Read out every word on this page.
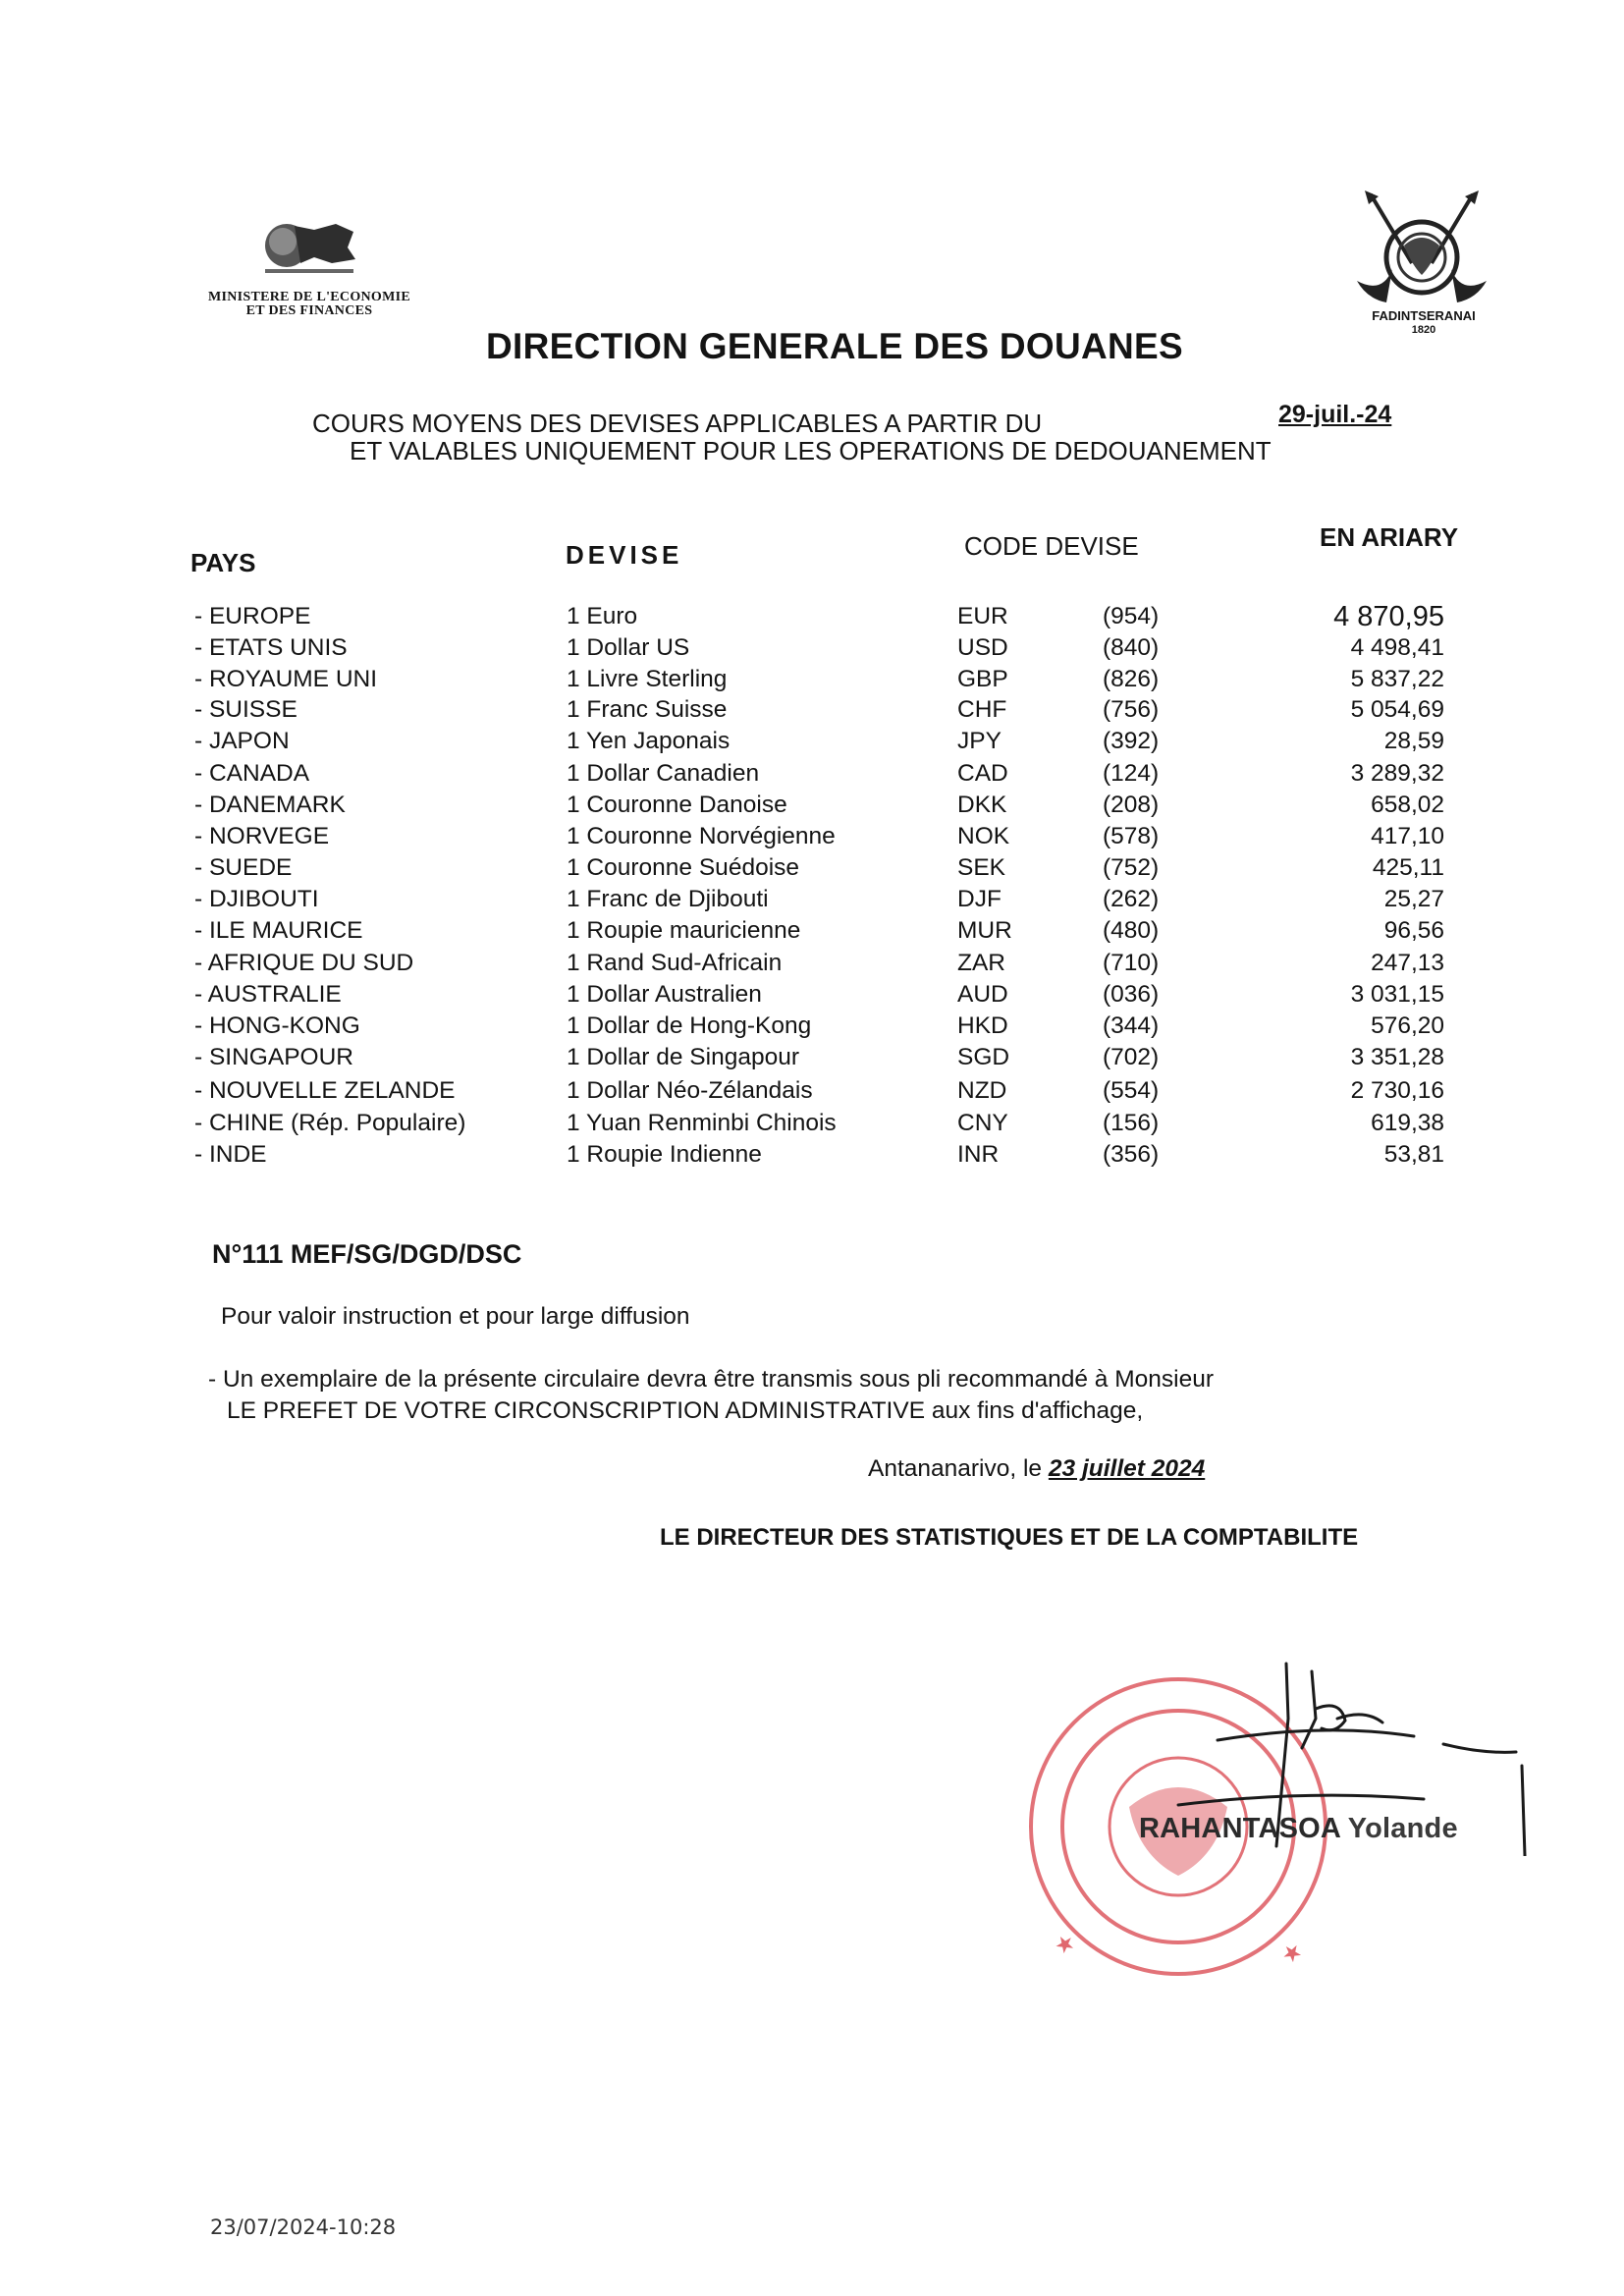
MINISTERE DE L'ECONOMIE
ET DES FINANCES	FADINTSERANAI
1820
DIRECTION GENERALE DES DOUANES
COURS MOYENS DES DEVISES APPLICABLES A PARTIR DU	29-juil.-24
ET VALABLES UNIQUEMENT POUR LES OPERATIONS DE DEDOUANEMENT
PAYS	DEVISE	CODE DEVISE	EN ARIARY
- EUROPE	1 Euro	EUR	(954)	4 870,95
- ETATS UNIS	1 Dollar US	USD	(840)	4 498,41
- ROYAUME UNI	1 Livre Sterling	GBP	(826)	5 837,22
- SUISSE	1 Franc Suisse	CHF	(756)	5 054,69
- JAPON	1 Yen Japonais	JPY	(392)	28,59
- CANADA	1 Dollar Canadien	CAD	(124)	3 289,32
- DANEMARK	1 Couronne Danoise	DKK	(208)	658,02
- NORVEGE	1 Couronne Norvégienne	NOK	(578)	417,10
- SUEDE	1 Couronne Suédoise	SEK	(752)	425,11
- DJIBOUTI	1 Franc de Djibouti	DJF	(262)	25,27
- ILE MAURICE	1 Roupie mauricienne	MUR	(480)	96,56
- AFRIQUE DU SUD	1 Rand Sud-Africain	ZAR	(710)	247,13
- AUSTRALIE	1 Dollar Australien	AUD	(036)	3 031,15
- HONG-KONG	1 Dollar de Hong-Kong	HKD	(344)	576,20
- SINGAPOUR	1 Dollar de Singapour	SGD	(702)	3 351,28
- NOUVELLE ZELANDE	1 Dollar Néo-Zélandais	NZD	(554)	2 730,16
- CHINE (Rép. Populaire)	1 Yuan Renminbi Chinois	CNY	(156)	619,38
- INDE	1 Roupie Indienne	INR	(356)	53,81
N°111 MEF/SG/DGD/DSC
Pour valoir instruction et pour large diffusion
- Un exemplaire de la présente circulaire devra être transmis sous pli recommandé à Monsieur
LE PREFET DE VOTRE CIRCONSCRIPTION ADMINISTRATIVE aux fins d'affichage,
Antananarivo, le 23 juillet 2024
LE DIRECTEUR DES STATISTIQUES ET DE LA COMPTABILITE
★	★
RAHANTASOA Yolande
23/07/2024-10:28
